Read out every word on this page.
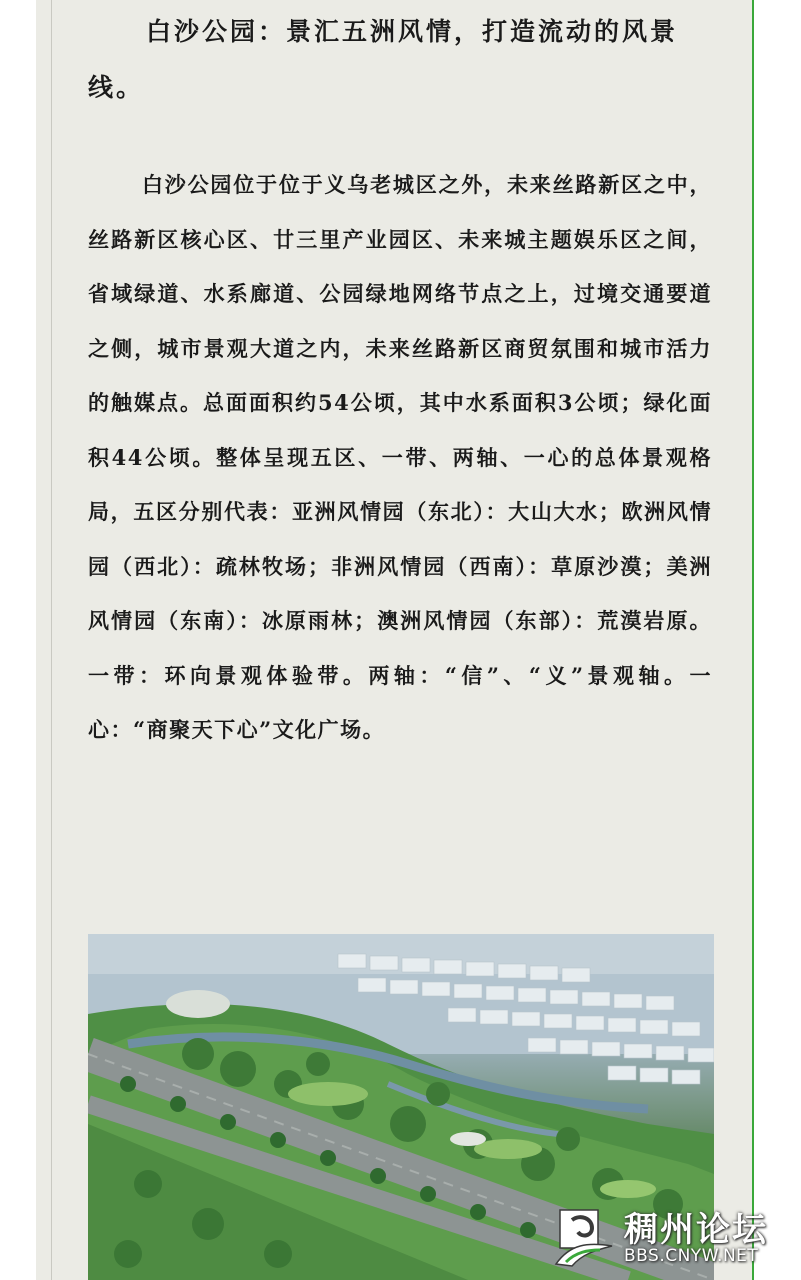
白沙公园：景汇五洲风情，打造流动的风景线。

白沙公园位于位于义乌老城区之外，未来丝路新区之中，丝路新区核心区、廿三里产业园区、未来城主题娱乐区之间，省域绿道、水系廊道、公园绿地网络节点之上，过境交通要道之侧，城市景观大道之内，未来丝路新区商贸氛围和城市活力的触媒点。总面面积约54公顷，其中水系面积3公顷；绿化面积44公顷。整体呈现五区、一带、两轴、一心的总体景观格局，五区分别代表：亚洲风情园（东北）：大山大水；欧洲风情园（西北）：疏林牧场；非洲风情园（西南）：草原沙漠；美洲风情园（东南）：冰原雨林；澳洲风情园（东部）：荒漠岩原。一带：环向景观体验带。两轴：“信”、“义”景观轴。一心：“商聚天下心”文化广场。

稠州论坛
BBS.CNYW.NET
